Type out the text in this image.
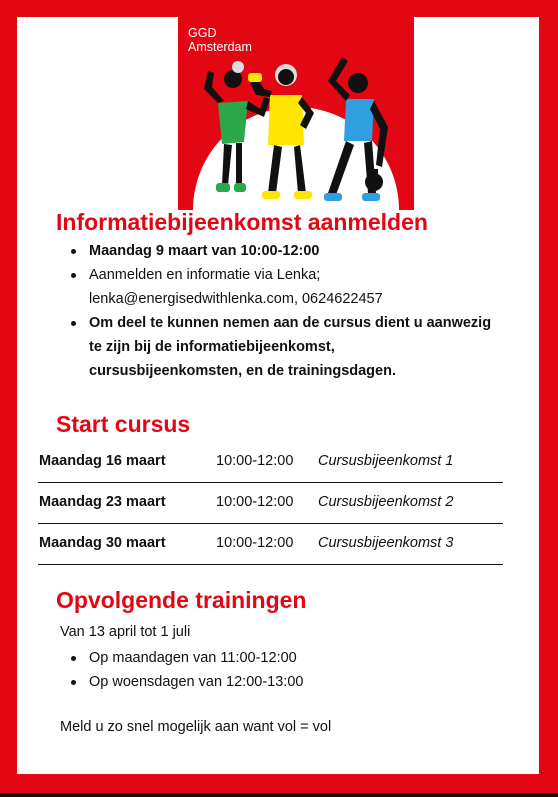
GGD
Amsterdam
Informatiebijeenkomst aanmelden
Maandag 9 maart van 10:00-12:00
Aanmelden en informatie via Lenka;
lenka@energisedwithlenka.com, 0624622457
Om deel te kunnen nemen aan de cursus dient u aanwezig
te zijn bij de informatiebijeenkomst,
cursusbijeenkomsten, en de trainingsdagen.
Start cursus
Maandag 16 maart	10:00-12:00 Cursusbijeenkomst 1
Maandag 23 maart	10:00-12:00 Cursusbijeenkomst 2
Maandag 30 maart	10:00-12:00 Cursusbijeenkomst 3
Opvolgende trainingen
Van 13 april tot 1 juli
Op maandagen van 11:00-12:00
Op woensdagen van 12:00-13:00
Meld u zo snel mogelijk aan want vol = vol
